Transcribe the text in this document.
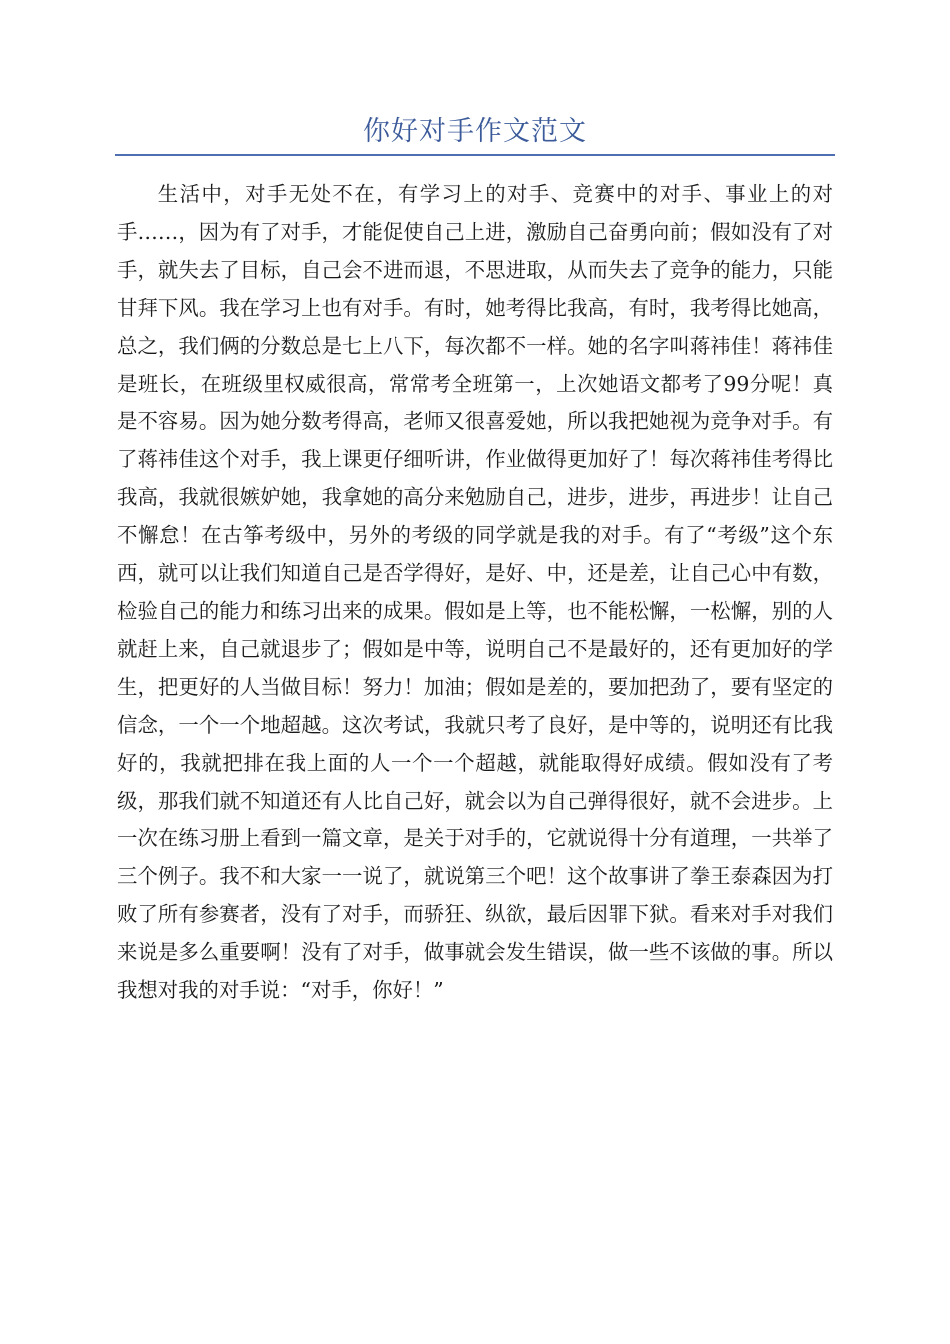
你好对手作文范文

生活中，对手无处不在，有学习上的对手、竞赛中的对手、事业上的对手……，因为有了对手，才能促使自己上进，激励自己奋勇向前；假如没有了对手，就失去了目标，自己会不进而退，不思进取，从而失去了竞争的能力，只能甘拜下风。我在学习上也有对手。有时，她考得比我高，有时，我考得比她高，总之，我们俩的分数总是七上八下，每次都不一样。她的名字叫蒋祎佳！蒋祎佳是班长，在班级里权威很高，常常考全班第一，上次她语文都考了99分呢！真是不容易。因为她分数考得高，老师又很喜爱她，所以我把她视为竞争对手。有了蒋祎佳这个对手，我上课更仔细听讲，作业做得更加好了！每次蒋祎佳考得比我高，我就很嫉妒她，我拿她的高分来勉励自己，进步，进步，再进步！让自己不懈怠！在古筝考级中，另外的考级的同学就是我的对手。有了“考级”这个东西，就可以让我们知道自己是否学得好，是好、中，还是差，让自己心中有数，检验自己的能力和练习出来的成果。假如是上等，也不能松懈，一松懈，别的人就赶上来，自己就退步了；假如是中等，说明自己不是最好的，还有更加好的学生，把更好的人当做目标！努力！加油；假如是差的，要加把劲了，要有坚定的信念，一个一个地超越。这次考试，我就只考了良好，是中等的，说明还有比我好的，我就把排在我上面的人一个一个超越，就能取得好成绩。假如没有了考级，那我们就不知道还有人比自己好，就会以为自己弹得很好，就不会进步。上一次在练习册上看到一篇文章，是关于对手的，它就说得十分有道理，一共举了三个例子。我不和大家一一说了，就说第三个吧！这个故事讲了拳王泰森因为打败了所有参赛者，没有了对手，而骄狂、纵欲，最后因罪下狱。看来对手对我们来说是多么重要啊！没有了对手，做事就会发生错误，做一些不该做的事。所以我想对我的对手说：“对手，你好！”
